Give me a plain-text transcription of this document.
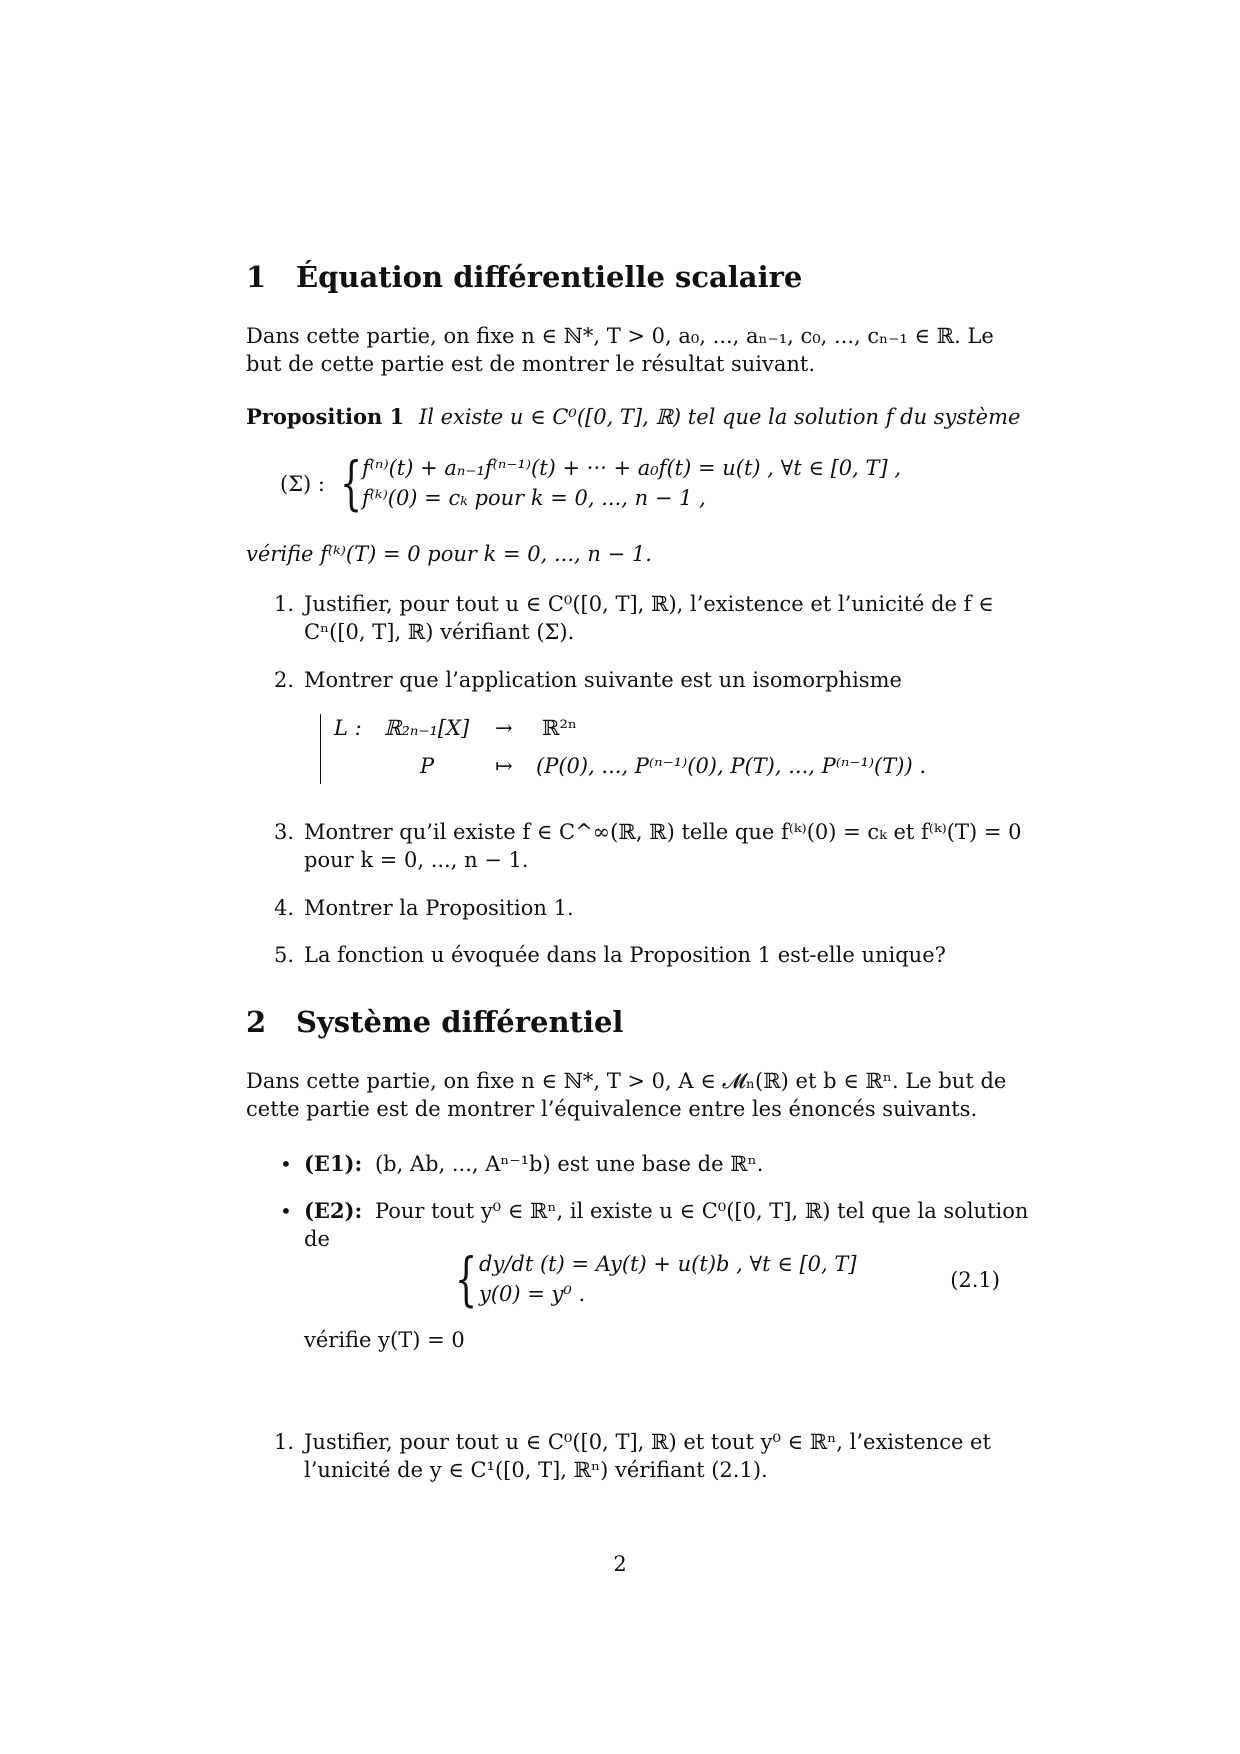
1 Équation différentielle scalaire
Dans cette partie, on fixe n ∈ ℕ*, T > 0, a₀, ..., aₙ₋₁, c₀, ..., cₙ₋₁ ∈ ℝ. Le
but de cette partie est de montrer le résultat suivant.
Proposition 1 Il existe u ∈ C⁰([0, T], ℝ) tel que la solution f du système
(Σ) : { f⁽ⁿ⁾(t) + aₙ₋₁f⁽ⁿ⁻¹⁾(t) + ··· + a₀f(t) = u(t) , ∀t ∈ [0, T] ,
f⁽ᵏ⁾(0) = cₖ pour k = 0, ..., n − 1 ,
vérifie f⁽ᵏ⁾(T) = 0 pour k = 0, ..., n − 1.
1. Justifier, pour tout u ∈ C⁰([0, T], ℝ), l’existence et l’unicité de f ∈
Cⁿ([0, T], ℝ) vérifiant (Σ).
2. Montrer que l’application suivante est un isomorphisme
L : ℝ₂ₙ₋₁[X] → ℝ²ⁿ
P	↦ (P(0), ..., P⁽ⁿ⁻¹⁾(0), P(T), ..., P⁽ⁿ⁻¹⁾(T)) .
3. Montrer qu’il existe f ∈ C^∞(ℝ, ℝ) telle que f⁽ᵏ⁾(0) = cₖ et f⁽ᵏ⁾(T) = 0
pour k = 0, ..., n − 1.
4. Montrer la Proposition 1.
5. La fonction u évoquée dans la Proposition 1 est-elle unique?
2 Système différentiel
Dans cette partie, on fixe n ∈ ℕ*, T > 0, A ∈ 𝓜ₙ(ℝ) et b ∈ ℝⁿ. Le but de
cette partie est de montrer l’équivalence entre les énoncés suivants.
• (E1): (b, Ab, ..., Aⁿ⁻¹b) est une base de ℝⁿ.
• (E2): Pour tout y⁰ ∈ ℝⁿ, il existe u ∈ C⁰([0, T], ℝ) tel que la solution
de
{ dy/dt (t) = Ay(t) + u(t)b , ∀t ∈ [0, T]
y(0) = y⁰ .
(2.1)
vérifie y(T) = 0
1. Justifier, pour tout u ∈ C⁰([0, T], ℝ) et tout y⁰ ∈ ℝⁿ, l’existence et
l’unicité de y ∈ C¹([0, T], ℝⁿ) vérifiant (2.1).
2
